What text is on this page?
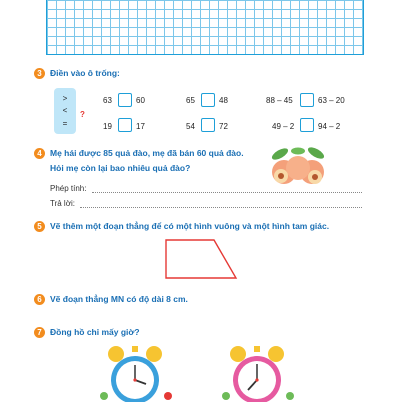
3 Điền vào ô trống:
>
<
=
?
63	60	65	48	88 – 45	63 – 20
19	17	54	72	49 – 2	94 – 2
4 Mẹ hái được 85 quả đào, mẹ đã bán 60 quả đào.
Hỏi mẹ còn lại bao nhiêu quả đào?
Phép tính:
Trả lời:
5 Vẽ thêm một đoạn thẳng để có một hình vuông và một hình tam giác.
6 Vẽ đoạn thẳng MN có độ dài 8 cm.
7 Đồng hồ chỉ mấy giờ?
